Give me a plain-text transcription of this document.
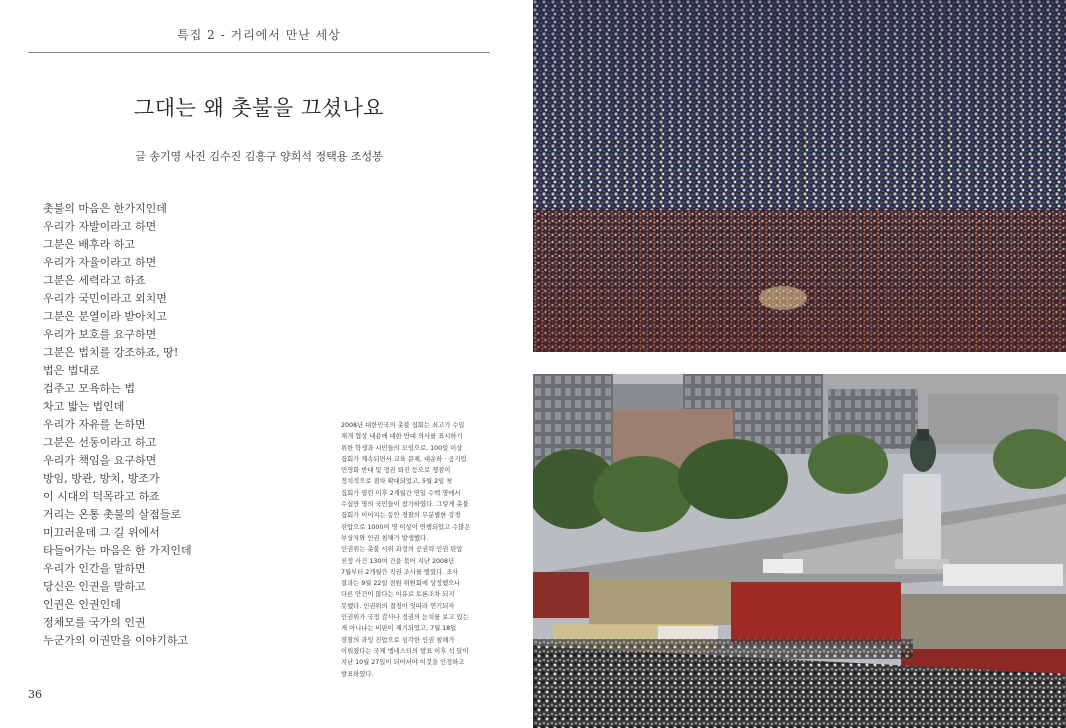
특집 2 - 거리에서 만난 세상
그대는 왜 촛불을 끄셨나요
글 송기영 사진 김수진 김흥구 양희석 정택용 조성봉
촛불의 마음은 한가지인데
우리가 자발이라고 하면
그분은 배후라 하고
우리가 자율이라고 하면
그분은 세력라고 하죠
우리가 국민이라고 외치면
그분은 분열이라 받아치고
우리가 보호를 요구하면
그분은 법치를 강조하죠, 땅!
법은 법대로
겁주고 모욕하는 법
차고 밟는 법인데
우리가 자유를 논하면
그분은 선동이라고 하고
우리가 책임을 요구하면
방임, 방관, 방치, 방조가
이 시대의 덕목라고 하죠
거리는 온통 촛불의 살점들로
미끄러운데 그 길 위에서
타들어가는 마음은 한 가지인데
우리가 인간을 말하면
당신은 인권을 말하고
인권은 인권인데
정체모를 국가의 인권
누군가의 이권만을 이야기하고
2008년 대한민국의 촛불 집회는 쇠고기 수입
재개 협상 내용에 대한 반대 의사를 표시하기
위한 학생과 시민들의 모임으로, 100일 이상
집회가 계속되면서 교육 문제, 대운하 · 공기업
민영화 반대 및 정권 퇴진 등으로 쟁점이
정치적으로 점차 확대되었고, 5월 2일 첫
집회가 열린 이후 2개월간 연일 수백 명에서
수십만 명의 국민들이 참가하였다. 그렇게 촛불
집회가 이어지는 동안 경찰의 무분별한 강경
진압으로 1000여 명 이상이 연행되었고 수많은
부상자와 인권 침해가 발생했다.
인권위는 촛불 시위 과정의 공권력 인권 탄압
진정 사건 130여 건을 묶어 지난 2008년
7월부터 2개월간 직권 조사를 벌였다. 조사
결과는 9월 22일 전원 위원회에 상정했으나
다른 안건이 많다는 이유로 토론조차 되지
못했다. 인권위의 결정이 잇따라 연기되자
인권위가 국정 감사나 정권의 눈치를 보고 있는
게 아니냐는 비판이 제기되었고, 7월 18일
경찰의 과잉 진압으로 심각한 인권 침해가
이뤄졌다는 국제 엠네스티의 발표 이후 석 달이
지난 10월 27일이 되어서야 이것을 인정하고
발표하였다.
36
